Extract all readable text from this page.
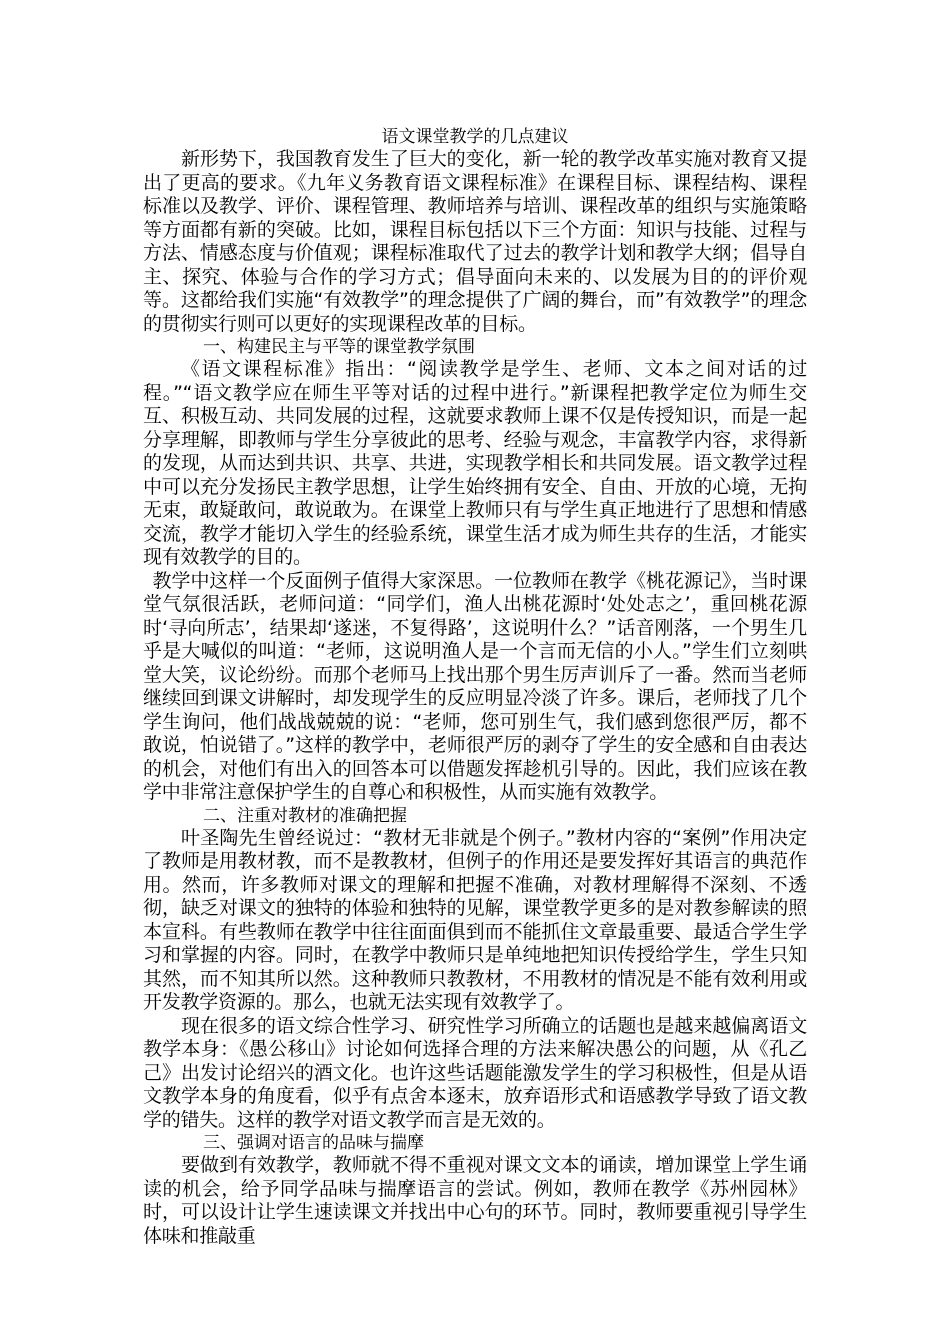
语文课堂教学的几点建议

新形势下，我国教育发生了巨大的变化，新一轮的教学改革实施对教育又提出了更高的要求。《九年义务教育语文课程标准》在课程目标、课程结构、课程标准以及教学、评价、课程管理、教师培养与培训、课程改革的组织与实施策略等方面都有新的突破。比如，课程目标包括以下三个方面：知识与技能、过程与方法、情感态度与价值观；课程标准取代了过去的教学计划和教学大纲；倡导自主、探究、体验与合作的学习方式；倡导面向未来的、以发展为目的的评价观等。这都给我们实施“有效教学”的理念提供了广阔的舞台，而”有效教学”的理念的贯彻实行则可以更好的实现课程改革的目标。

一、构建民主与平等的课堂教学氛围

《语文课程标准》指出：“阅读教学是学生、老师、文本之间对话的过程。”“语文教学应在师生平等对话的过程中进行。”新课程把教学定位为师生交互、积极互动、共同发展的过程，这就要求教师上课不仅是传授知识，而是一起分享理解，即教师与学生分享彼此的思考、经验与观念，丰富教学内容，求得新的发现，从而达到共识、共享、共进，实现教学相长和共同发展。语文教学过程中可以充分发扬民主教学思想，让学生始终拥有安全、自由、开放的心境，无拘无束，敢疑敢问，敢说敢为。在课堂上教师只有与学生真正地进行了思想和情感交流，教学才能切入学生的经验系统，课堂生活才成为师生共存的生活，才能实现有效教学的目的。

教学中这样一个反面例子值得大家深思。一位教师在教学《桃花源记》，当时课堂气氛很活跃，老师问道：“同学们，渔人出桃花源时‘处处志之’，重回桃花源时‘寻向所志’，结果却‘遂迷，不复得路’，这说明什么？”话音刚落，一个男生几乎是大喊似的叫道：“老师，这说明渔人是一个言而无信的小人。”学生们立刻哄堂大笑，议论纷纷。而那个老师马上找出那个男生厉声训斥了一番。然而当老师继续回到课文讲解时，却发现学生的反应明显冷淡了许多。课后，老师找了几个学生询问，他们战战兢兢的说：“老师，您可别生气，我们感到您很严厉，都不敢说，怕说错了。”这样的教学中，老师很严厉的剥夺了学生的安全感和自由表达的机会，对他们有出入的回答本可以借题发挥趁机引导的。因此，我们应该在教学中非常注意保护学生的自尊心和积极性，从而实施有效教学。

二、注重对教材的准确把握

叶圣陶先生曾经说过：“教材无非就是个例子。”教材内容的“案例”作用决定了教师是用教材教，而不是教教材，但例子的作用还是要发挥好其语言的典范作用。然而，许多教师对课文的理解和把握不准确，对教材理解得不深刻、不透彻，缺乏对课文的独特的体验和独特的见解，课堂教学更多的是对教参解读的照本宣科。有些教师在教学中往往面面俱到而不能抓住文章最重要、最适合学生学习和掌握的内容。同时，在教学中教师只是单纯地把知识传授给学生，学生只知其然，而不知其所以然。这种教师只教教材，不用教材的情况是不能有效利用或开发教学资源的。那么，也就无法实现有效教学了。

现在很多的语文综合性学习、研究性学习所确立的话题也是越来越偏离语文教学本身：《愚公移山》讨论如何选择合理的方法来解决愚公的问题，从《孔乙己》出发讨论绍兴的酒文化。也许这些话题能激发学生的学习积极性，但是从语文教学本身的角度看，似乎有点舍本逐末，放弃语形式和语感教学导致了语文教学的错失。这样的教学对语文教学而言是无效的。

三、强调对语言的品味与揣摩

要做到有效教学，教师就不得不重视对课文文本的诵读，增加课堂上学生诵读的机会，给予同学品味与揣摩语言的尝试。例如，教师在教学《苏州园林》时，可以设计让学生速读课文并找出中心句的环节。同时，教师要重视引导学生体味和推敲重
